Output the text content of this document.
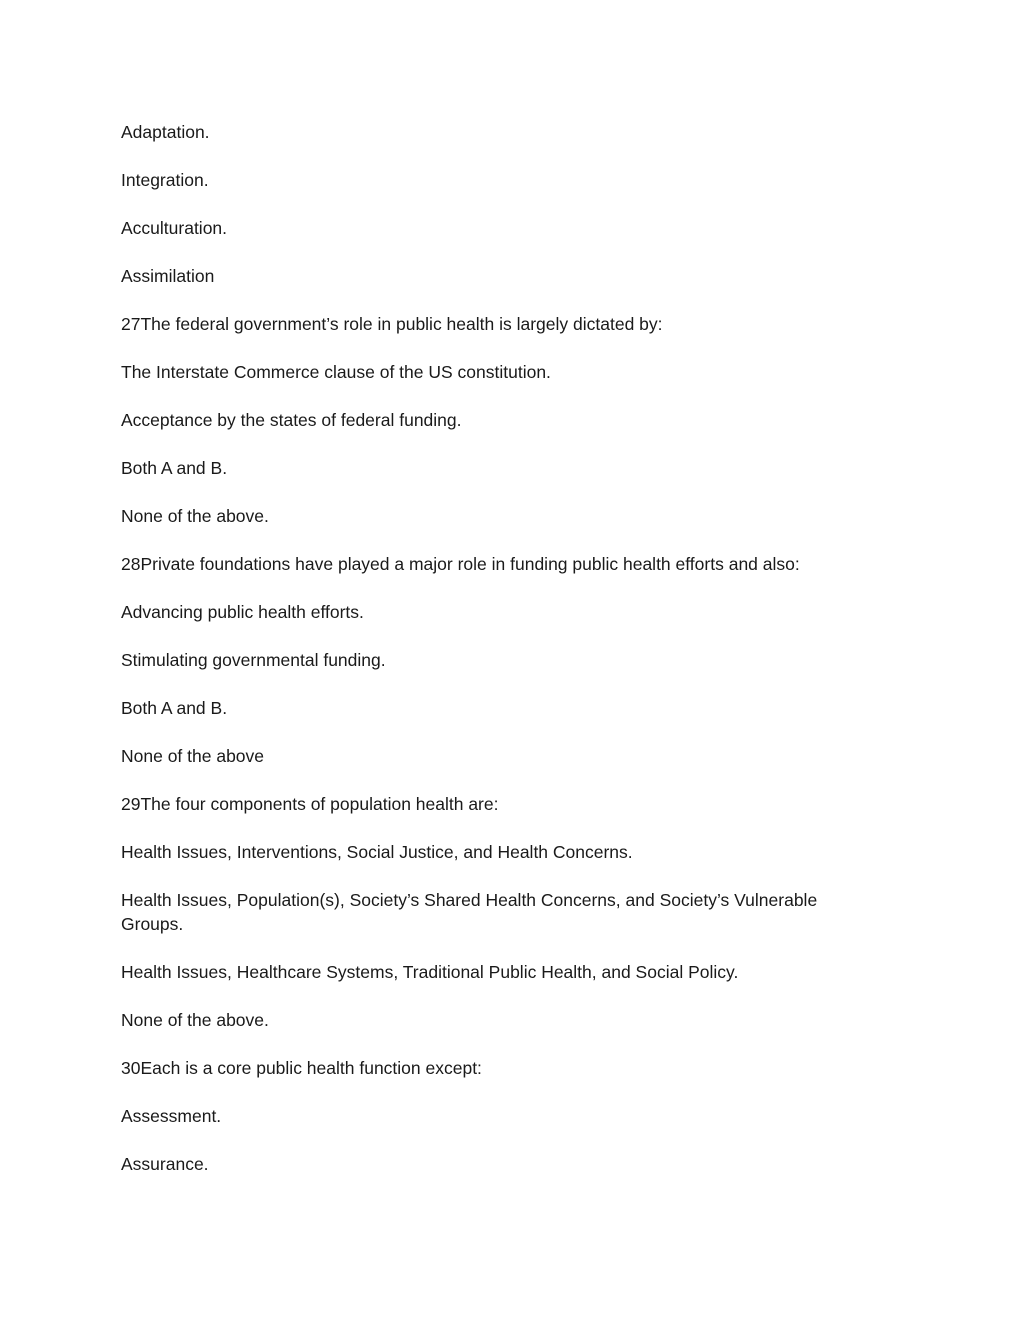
Adaptation.

Integration.

Acculturation.

Assimilation

27The federal government’s role in public health is largely dictated by:

The Interstate Commerce clause of the US constitution.

Acceptance by the states of federal funding.

Both A and B.

None of the above.

28Private foundations have played a major role in funding public health efforts and also:

Advancing public health efforts.

Stimulating governmental funding.

Both A and B.

None of the above

29The four components of population health are:

Health Issues, Interventions, Social Justice, and Health Concerns.

Health Issues, Population(s), Society’s Shared Health Concerns, and Society’s Vulnerable Groups.

Health Issues, Healthcare Systems, Traditional Public Health, and Social Policy.

None of the above.

30Each is a core public health function except:

Assessment.

Assurance.
